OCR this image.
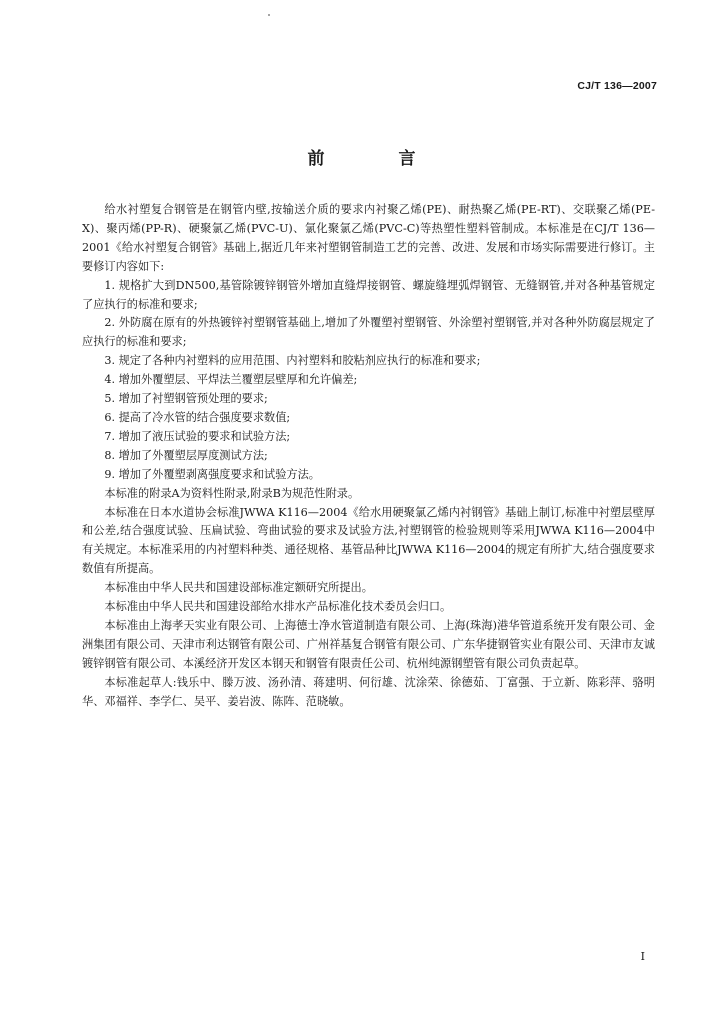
CJ/T 136—2007
前 言

给水衬塑复合钢管是在钢管内壁,按输送介质的要求内衬聚乙烯(PE)、耐热聚乙烯(PE-RT)、交联聚乙烯(PE-X)、聚丙烯(PP-R)、硬聚氯乙烯(PVC-U)、氯化聚氯乙烯(PVC-C)等热塑性塑料管制成。本标准是在CJ/T 136—2001《给水衬塑复合钢管》基础上,据近几年来衬塑钢管制造工艺的完善、改进、发展和市场实际需要进行修订。主要修订内容如下:

1. 规格扩大到DN500,基管除镀锌钢管外增加直缝焊接钢管、螺旋缝埋弧焊钢管、无缝钢管,并对各种基管规定了应执行的标准和要求;

2. 外防腐在原有的外热镀锌衬塑钢管基础上,增加了外覆塑衬塑钢管、外涂塑衬塑钢管,并对各种外防腐层规定了应执行的标准和要求;

3. 规定了各种内衬塑料的应用范围、内衬塑料和胶粘剂应执行的标准和要求;

4. 增加外覆塑层、平焊法兰覆塑层壁厚和允许偏差;

5. 增加了衬塑钢管预处理的要求;

6. 提高了冷水管的结合强度要求数值;

7. 增加了液压试验的要求和试验方法;

8. 增加了外覆塑层厚度测试方法;

9. 增加了外覆塑剥离强度要求和试验方法。

本标准的附录A为资料性附录,附录B为规范性附录。

本标准在日本水道协会标准JWWA K116—2004《给水用硬聚氯乙烯内衬钢管》基础上制订,标准中衬塑层壁厚和公差,结合强度试验、压扁试验、弯曲试验的要求及试验方法,衬塑钢管的检验规则等采用JWWA K116—2004中有关规定。本标准采用的内衬塑料种类、通径规格、基管品种比JWWA K116—2004的规定有所扩大,结合强度要求数值有所提高。

本标准由中华人民共和国建设部标准定额研究所提出。

本标准由中华人民共和国建设部给水排水产品标准化技术委员会归口。

本标准由上海孝天实业有限公司、上海德士净水管道制造有限公司、上海(珠海)港华管道系统开发有限公司、金洲集团有限公司、天津市利达钢管有限公司、广州祥基复合钢管有限公司、广东华捷钢管实业有限公司、天津市友诚镀锌钢管有限公司、本溪经济开发区本钢天和钢管有限责任公司、杭州纯源钢塑管有限公司负责起草。

本标准起草人:钱乐中、滕万波、汤孙清、蒋建明、何衍雄、沈涂荣、徐德茹、丁富强、于立新、陈彩萍、骆明华、邓福祥、李学仁、吴平、姜岩波、陈阵、范晓敏。

I
